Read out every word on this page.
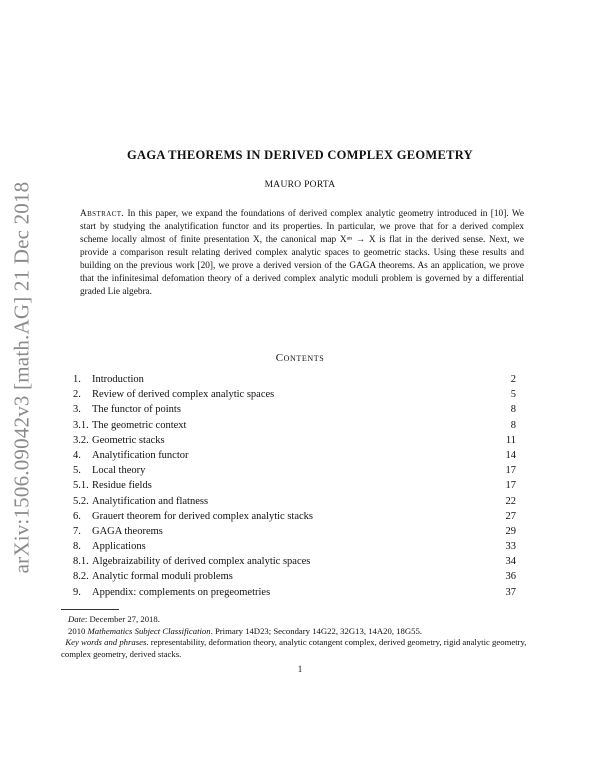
arXiv:1506.09042v3 [math.AG] 21 Dec 2018
GAGA THEOREMS IN DERIVED COMPLEX GEOMETRY
MAURO PORTA
Abstract. In this paper, we expand the foundations of derived complex analytic geometry introduced in [10]. We start by studying the analytification functor and its properties. In particular, we prove that for a derived complex scheme locally almost of finite presentation X, the canonical map Xᵃⁿ → X is flat in the derived sense. Next, we provide a comparison result relating derived complex analytic spaces to geometric stacks. Using these results and building on the previous work [20], we prove a derived version of the GAGA theorems. As an application, we prove that the infinitesimal defomation theory of a derived complex analytic moduli problem is governed by a differential graded Lie algebra.
Contents
1.	Introduction	2
2.	Review of derived complex analytic spaces	5
3.	The functor of points	8
3.1. The geometric context	8
3.2. Geometric stacks	11
4.	Analytification functor	14
5.	Local theory	17
5.1. Residue fields	17
5.2. Analytification and flatness	22
6.	Grauert theorem for derived complex analytic stacks	27
7.	GAGA theorems	29
8.	Applications	33
8.1. Algebraizability of derived complex analytic spaces	34
8.2. Analytic formal moduli problems	36
9.	Appendix: complements on pregeometries	37

Date: December 27, 2018.

2010 Mathematics Subject Classification. Primary 14D23; Secondary 14G22, 32G13, 14A20, 18G55.

Key words and phrases. representability, deformation theory, analytic cotangent complex, derived geometry, rigid analytic geometry, complex geometry, derived stacks.

1
